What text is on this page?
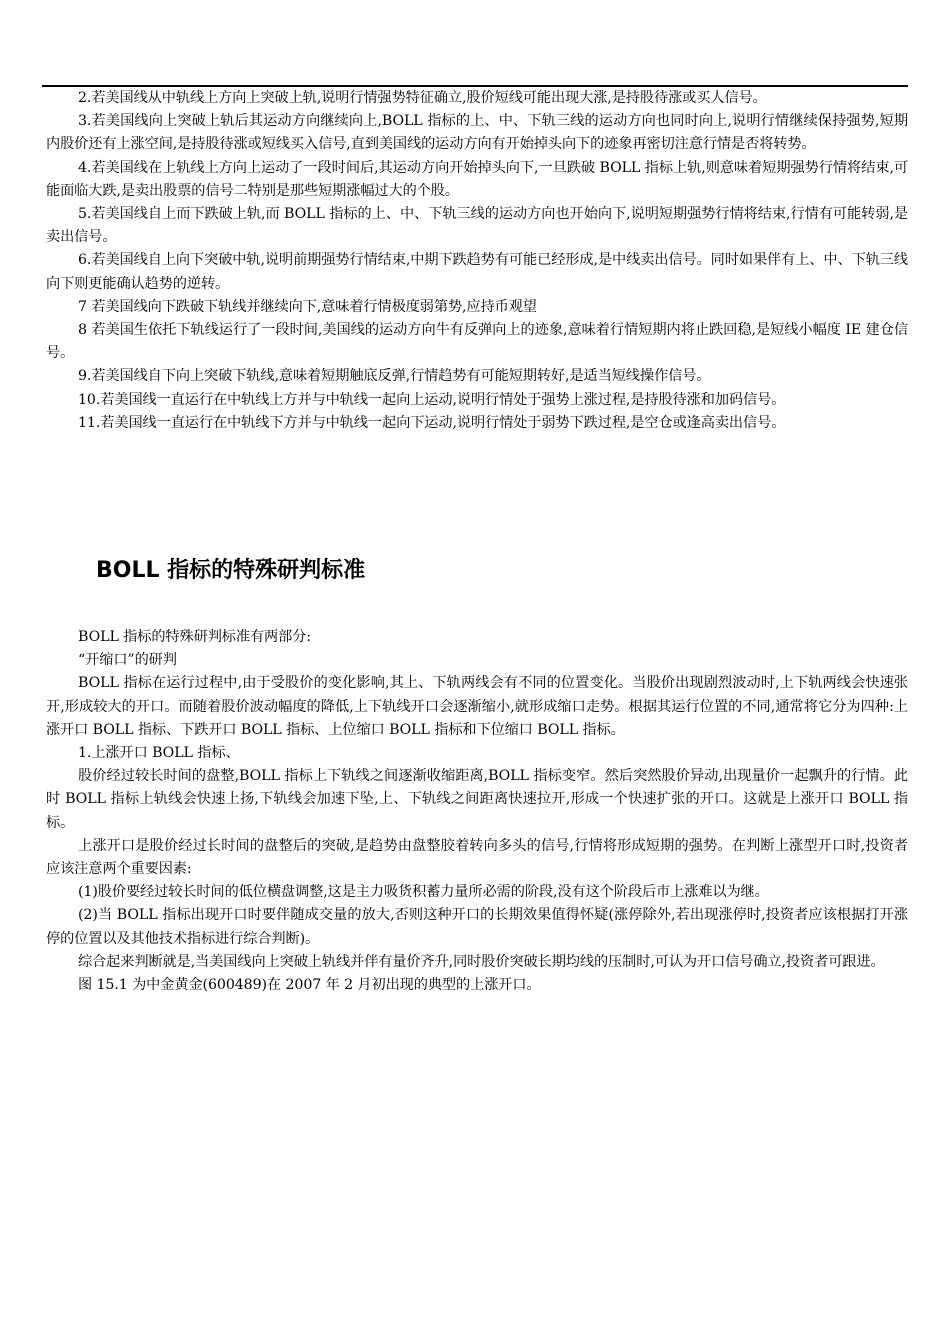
2.若美国线从中轨线上方向上突破上轨,说明行情强势特征确立,股价短线可能出现大涨,是持股待涨或买人信号。

3.若美国线向上突破上轨后其运动方向继续向上,BOLL 指标的上、中、下轨三线的运动方向也同时向上,说明行情继续保持强势,短期内股价还有上涨空间,是持股待涨或短线买入信号,直到美国线的运动方向有开始掉头向下的迹象再密切注意行情是否将转势。

4.若美国线在上轨线上方向上运动了一段时间后,其运动方向开始掉头向下,一旦跌破 BOLL 指标上轨,则意味着短期强势行情将结束,可能面临大跌,是卖出股票的信号二特别是那些短期涨幅过大的个股。

5.若美国线自上而下跌破上轨,而 BOLL 指标的上、中、下轨三线的运动方向也开始向下,说明短期强势行情将结束,行情有可能转弱,是卖出信号。

6.若美国线自上向下突破中轨,说明前期强势行情结束,中期下跌趋势有可能已经形成,是中线卖出信号。同时如果伴有上、中、下轨三线向下则更能确认趋势的逆转。

7 若美国线向下跌破下轨线并继续向下,意味着行情极度弱第势,应持币观望

8 若美国生依托下轨线运行了一段时间,美国线的运动方向牛有反弹向上的迹象,意味着行情短期内将止跌回稳,是短线小幅度 IE 建仓信号。

9.若美国线自下向上突破下轨线,意味着短期触底反弹,行情趋势有可能短期转好,是适当短线操作信号。

10.若美国线一直运行在中轨线上方并与中轨线一起向上运动,说明行情处于强势上涨过程,是持股待涨和加码信号。

11.若美国线一直运行在中轨线下方并与中轨线一起向下运动,说明行情处于弱势下跌过程,是空仓或逢高卖出信号。

BOLL 指标的特殊研判标准

BOLL 指标的特殊研判标准有两部分:

“开缩口”的研判

BOLL 指标在运行过程中,由于受股价的变化影响,其上、下轨两线会有不同的位置变化。当股价出现剧烈波动时,上下轨两线会快速张开,形成较大的开口。而随着股价波动幅度的降低,上下轨线开口会逐渐缩小,就形成缩口走势。根据其运行位置的不同,通常将它分为四种:上涨开口 BOLL 指标、下跌开口 BOLL 指标、上位缩口 BOLL 指标和下位缩口 BOLL 指标。

1.上涨开口 BOLL 指标、

股价经过较长时间的盘整,BOLL 指标上下轨线之间逐渐收缩距离,BOLL 指标变窄。然后突然股价异动,出现量价一起飘升的行情。此时 BOLL 指标上轨线会快速上扬,下轨线会加速下坠,上、下轨线之间距离快速拉开,形成一个快速扩张的开口。这就是上涨开口 BOLL 指标。

上涨开口是股价经过长时间的盘整后的突破,是趋势由盘整胶着转向多头的信号,行情将形成短期的强势。在判断上涨型开口时,投资者应该注意两个重要因素:

(1)股价要经过较长时间的低位横盘调整,这是主力吸货积蓄力量所必需的阶段,没有这个阶段后市上涨难以为继。

(2)当 BOLL 指标出现开口时要伴随成交量的放大,否则这种开口的长期效果值得怀疑(涨停除外,若出现涨停时,投资者应该根据打开涨停的位置以及其他技术指标进行综合判断)。

综合起来判断就是,当美国线向上突破上轨线并伴有量价齐升,同时股价突破长期均线的压制时,可认为开口信号确立,投资者可跟进。

图 15.1 为中金黄金(600489)在 2007 年 2 月初出现的典型的上涨开口。
